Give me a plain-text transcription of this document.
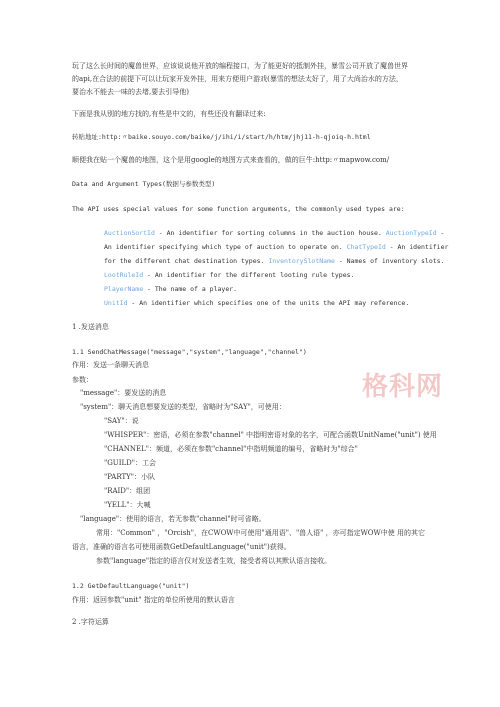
玩了这么长时间的魔兽世界，应该说说他开放的编程接口，为了能更好的抵制外挂，暴雪公司开放了魔兽世界
的api,在合法的前提下可以让玩家开发外挂，用来方便用户游戏(暴雪的想法太好了，用了大尚治水的方法，
要治水不能去一味的去堵,要去引导他)
下面是我从别的地方找的,有些是中文的，有些还没有翻译过来:
转贴地址:http:〃baike.souyo.com/baike/j/ihi/i/start/h/htm/jhj11-h-qjoiq-h.html
顺便我在贴一个魔兽的地图，这个是用google的地图方式来查看的，做的巨牛:http:〃mapwow.com/
Data and Argument Types(数据与参数类型)
The API uses special values for some function arguments, the commonly used types are:
AuctionSortId - An identifier for sorting columns in the auction house. AuctionTypeId -
An identifier specifying which type of auction to operate on. ChatTypeId - An identifier
for the different chat destination types. InventorySlotName - Names of inventory slots.
LootRuleId - An identifier for the different looting rule types.
PlayerName - The name of a player.
UnitId - An identifier which specifies one of the units the API may reference.
1 .发送消息
1.1 SendChatMessage("message","system","language","channel")
作用：发送一条聊天消息
参数：
"message"：要发送的消息
"system"：聊天消息想要发送的类型，省略时为"SAY"，可使用：
"SAY"：说
"WHISPER"：密语，必须在参数"channel" 中指明密语对象的名字，可配合函数UnitName("unit") 使用
"CHANNEL"：频道，必须在参数"channel"中指明频道的编号，省略时为"综合"
"GUILD"：工会
"PARTY"：小队
"RAID"：组团
"YELL"：大喊
"language"：使用的语言，若无参数"channel"时可省略。
常用："Common" ，"Orcish"，在CWOW中可使用"通用语"、"兽人语" ，亦可指定WOW中使 用的其它
语言，准确的语言名可使用函数GetDefaultLanguage("unit")获得。
参数"language"指定的语言仅对发送者生效，接受者将以其默认语言接收。
1.2 GetDefaultLanguage("unit")
作用：返回参数"unit" 指定的单位所使用的默认语言
2 .字符运算
格科网
